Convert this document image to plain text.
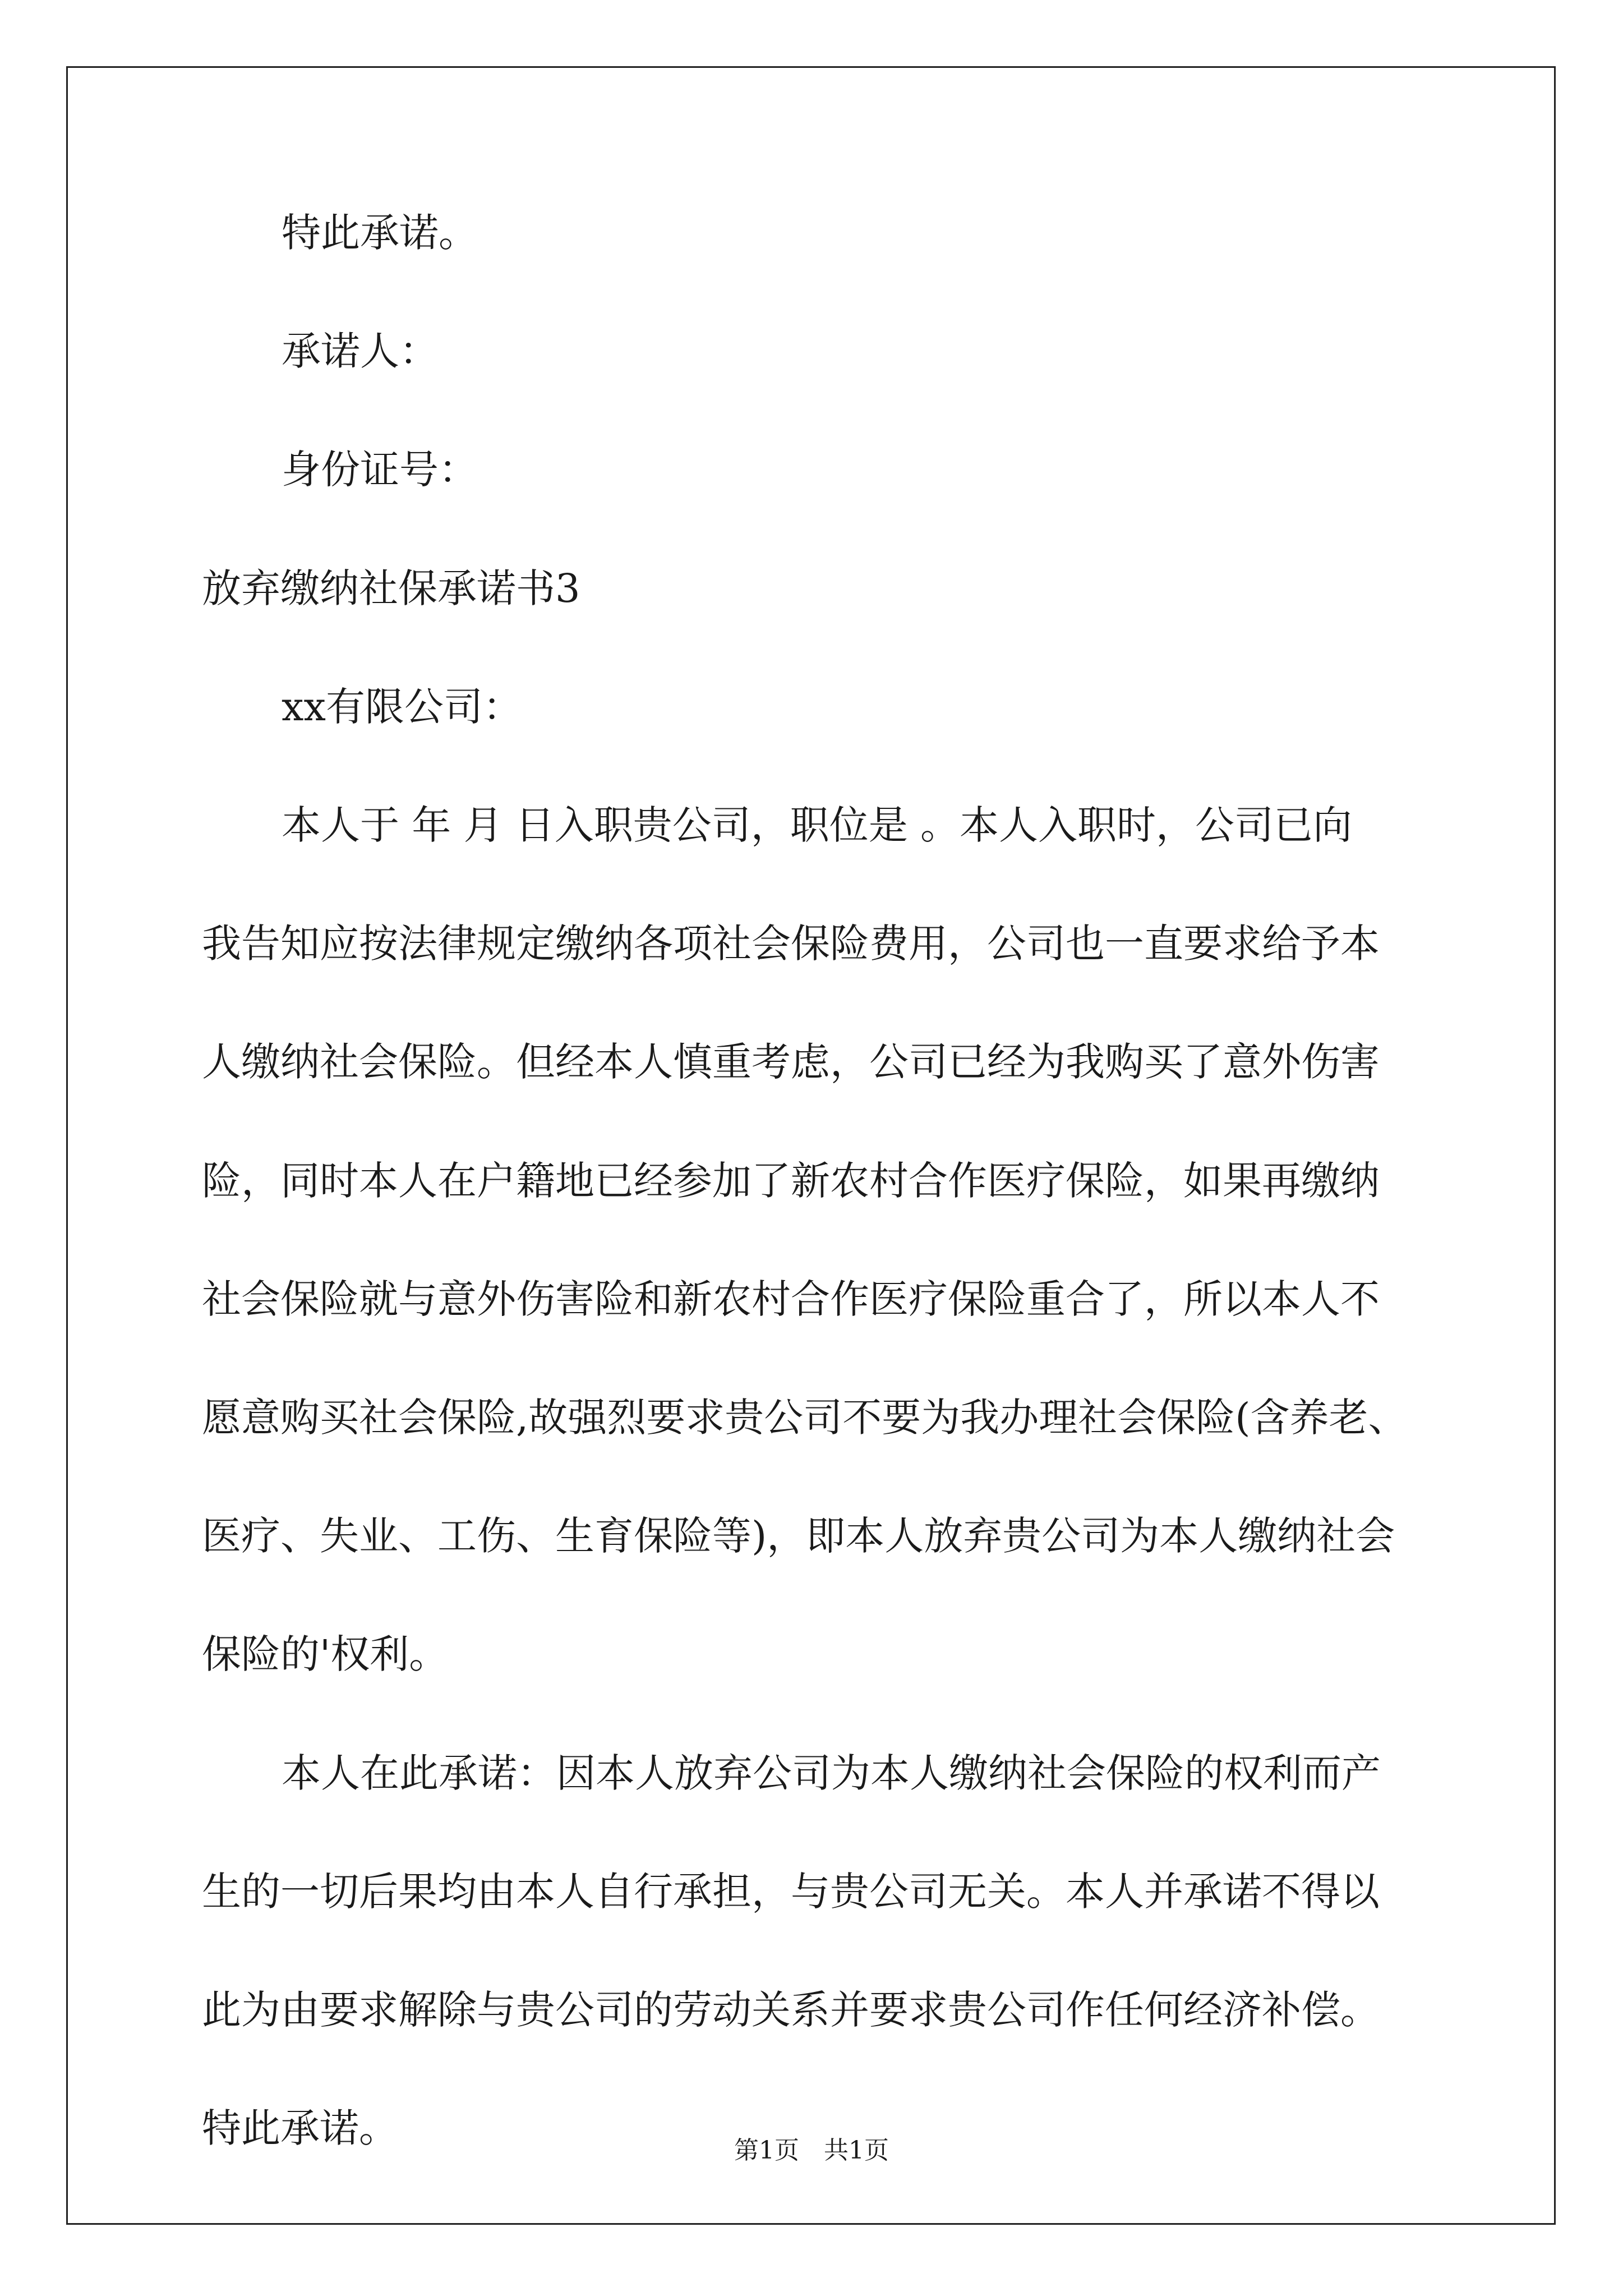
特此承诺。
承诺人：
身份证号：
放弃缴纳社保承诺书3
xx有限公司：
本人于 年 月 日入职贵公司，职位是 。本人入职时，公司已向
我告知应按法律规定缴纳各项社会保险费用，公司也一直要求给予本
人缴纳社会保险。但经本人慎重考虑，公司已经为我购买了意外伤害
险，同时本人在户籍地已经参加了新农村合作医疗保险，如果再缴纳
社会保险就与意外伤害险和新农村合作医疗保险重合了，所以本人不
愿意购买社会保险,故强烈要求贵公司不要为我办理社会保险(含养老、
医疗、失业、工伤、生育保险等)，即本人放弃贵公司为本人缴纳社会
保险的'权利。
本人在此承诺：因本人放弃公司为本人缴纳社会保险的权利而产
生的一切后果均由本人自行承担，与贵公司无关。本人并承诺不得以
此为由要求解除与贵公司的劳动关系并要求贵公司作任何经济补偿。
特此承诺。	第1页　共1页
